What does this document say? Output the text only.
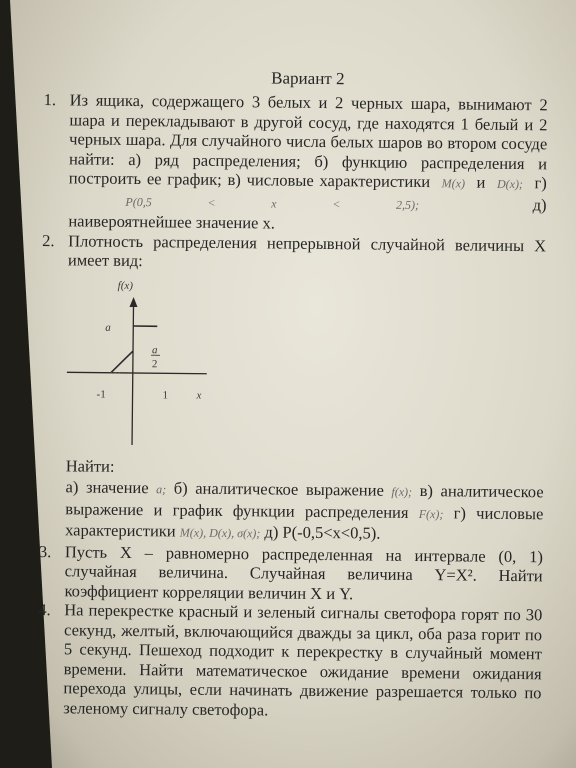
Вариант 2
1. Из ящика, содержащего 3 белых и 2 черных шара, вынимают 2 шара и перекладывают в другой сосуд, где находятся 1 белый и 2 черных шара. Для случайного числа белых шаров во втором сосуде найти: а) ряд распределения; б) функцию распределения и построить ее график; в) числовые характеристики M(x) и D(x); г)  P(0,5 < x < 2,5);	д)

наивероятнейшее значение х.

2. Плотность распределения непрерывной случайной величины Х имеет вид:

f(x)
a
a
2
-1	1	x

Найти:

а) значение a; б) аналитическое выражение f(x); в) аналитическое выражение и график функции распределения F(x); г) числовые характеристики M(x), D(x), σ(x); д) P(-0,5<x<0,5).

3. Пусть Х – равномерно распределенная на интервале (0, 1) случайная величина. Случайная величина Y=X². Найти коэффициент корреляции величин Х и Y.

4. На перекрестке красный и зеленый сигналы светофора горят по 30 секунд, желтый, включающийся дважды за цикл, оба раза горит по 5 секунд. Пешеход подходит к перекрестку в случайный момент времени. Найти математическое ожидание времени ожидания перехода улицы, если начинать движение разрешается только по зеленому сигналу светофора.
